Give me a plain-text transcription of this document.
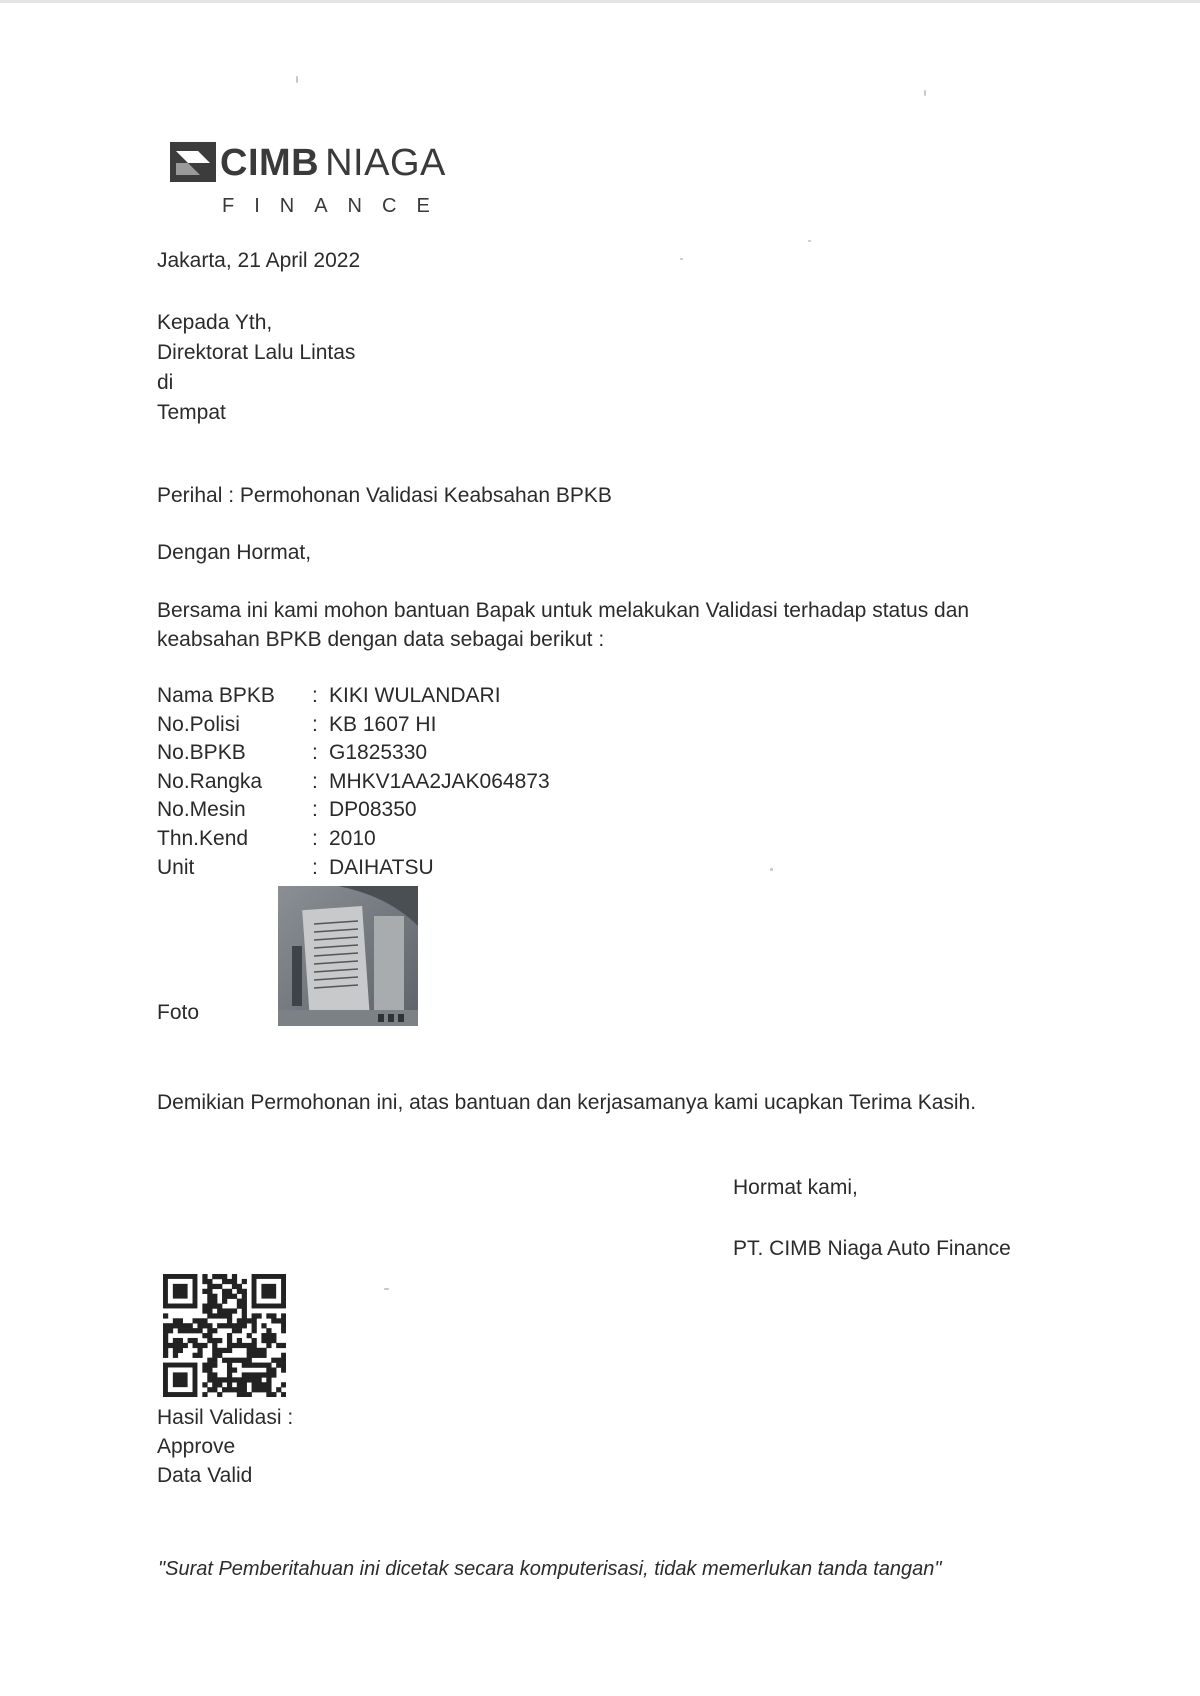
CIMB NIAGA
FINANCE
Jakarta, 21 April 2022
Kepada Yth,
Direktorat Lalu Lintas
di
Tempat
Perihal : Permohonan Validasi Keabsahan BPKB
Dengan Hormat,
Bersama ini kami mohon bantuan Bapak untuk melakukan Validasi terhadap status dan
keabsahan BPKB dengan data sebagai berikut :
Nama BPKB : KIKI WULANDARI
No.Polisi	: KB 1607 HI
No.BPKB	: G1825330
No.Rangka : MHKV1AA2JAK064873
No.Mesin	: DP08350
Thn.Kend	: 2010
Unit	: DAIHATSU
Foto
Demikian Permohonan ini, atas bantuan dan kerjasamanya kami ucapkan Terima Kasih.
Hormat kami,
PT. CIMB Niaga Auto Finance
Hasil Validasi :
Approve
Data Valid
"Surat Pemberitahuan ini dicetak secara komputerisasi, tidak memerlukan tanda tangan"
